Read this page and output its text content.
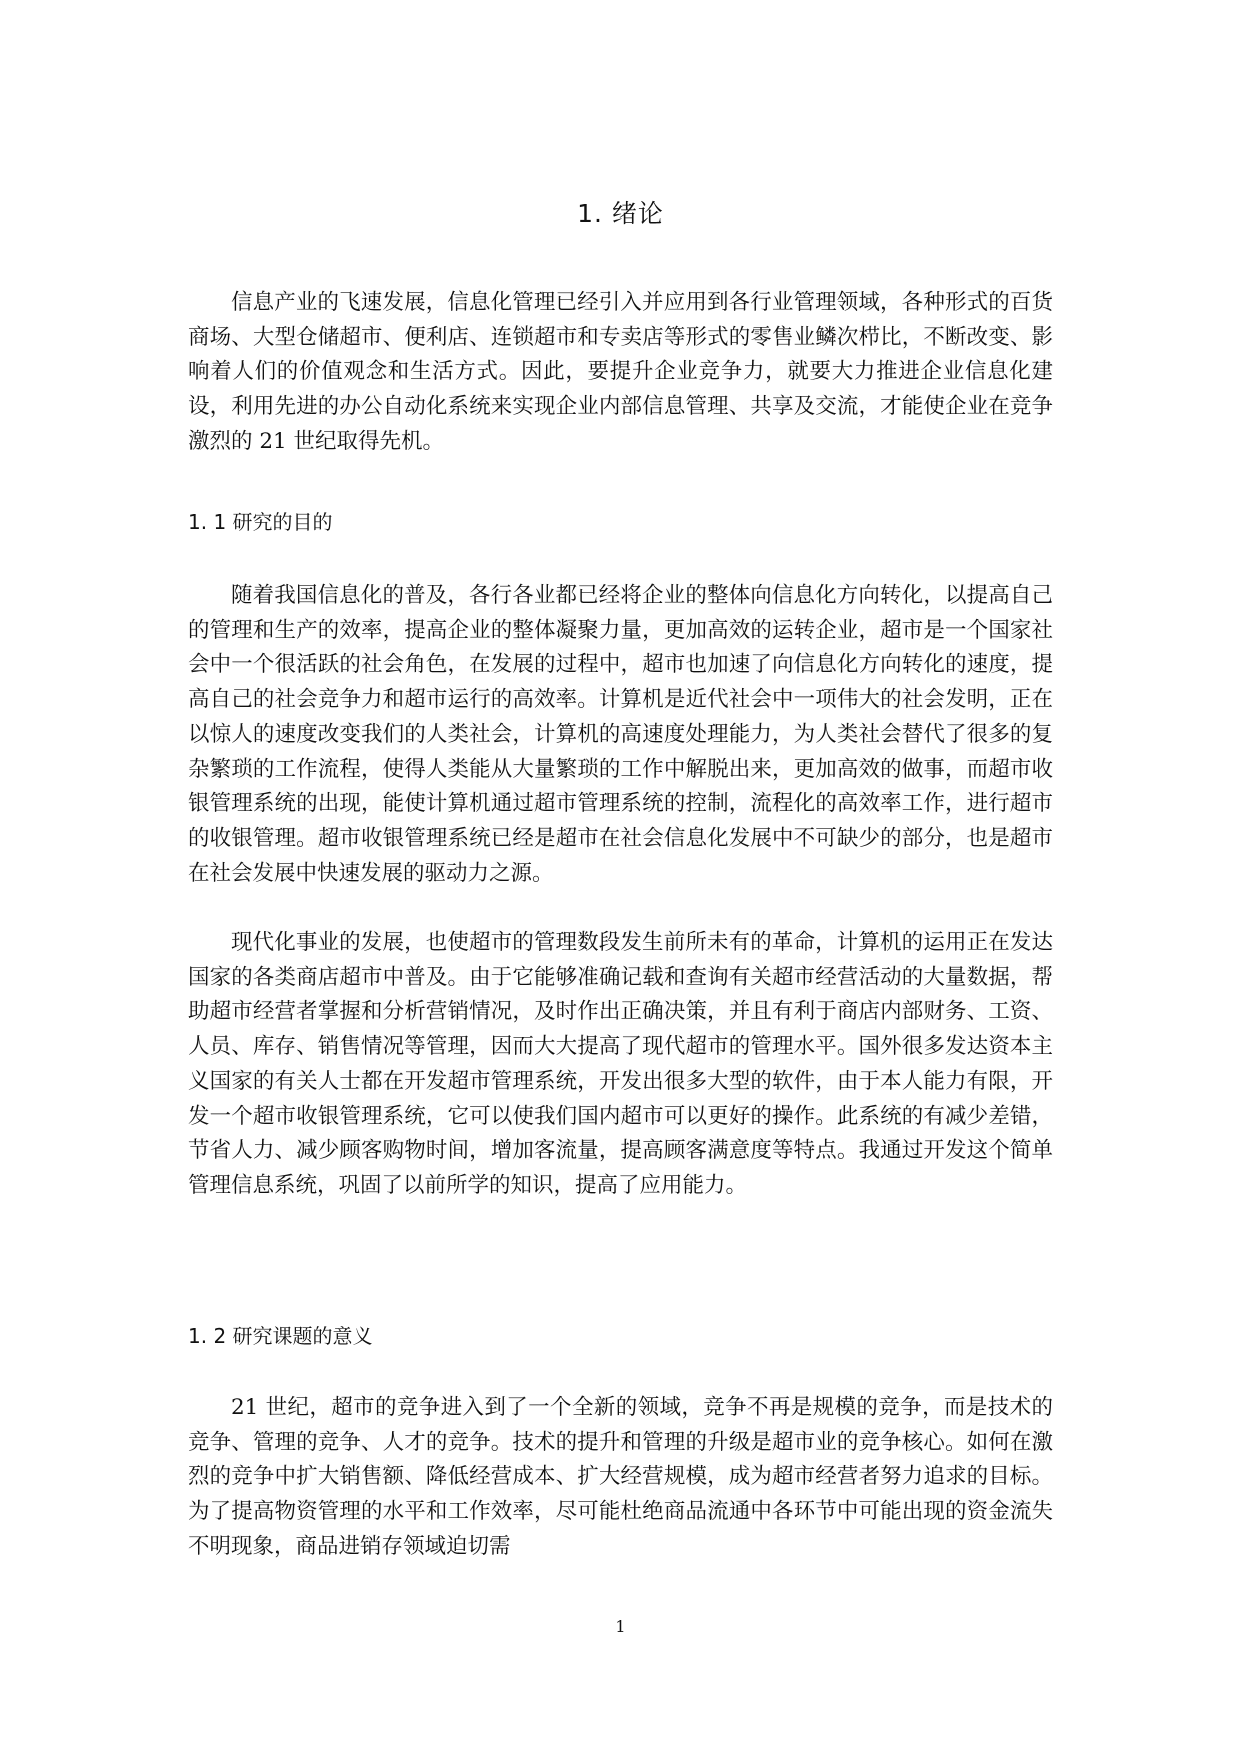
1. 绪论

信息产业的飞速发展，信息化管理已经引入并应用到各行业管理领域，各种形式的百货商场、大型仓储超市、便利店、连锁超市和专卖店等形式的零售业鳞次栉比，不断改变、影响着人们的价值观念和生活方式。因此，要提升企业竞争力，就要大力推进企业信息化建设，利用先进的办公自动化系统来实现企业内部信息管理、共享及交流，才能使企业在竞争激烈的 21 世纪取得先机。

1. 1 研究的目的

随着我国信息化的普及，各行各业都已经将企业的整体向信息化方向转化，以提高自己的管理和生产的效率，提高企业的整体凝聚力量，更加高效的运转企业，超市是一个国家社会中一个很活跃的社会角色，在发展的过程中，超市也加速了向信息化方向转化的速度，提高自己的社会竞争力和超市运行的高效率。计算机是近代社会中一项伟大的社会发明，正在以惊人的速度改变我们的人类社会，计算机的高速度处理能力，为人类社会替代了很多的复杂繁琐的工作流程，使得人类能从大量繁琐的工作中解脱出来，更加高效的做事，而超市收银管理系统的出现，能使计算机通过超市管理系统的控制，流程化的高效率工作，进行超市的收银管理。超市收银管理系统已经是超市在社会信息化发展中不可缺少的部分，也是超市在社会发展中快速发展的驱动力之源。

现代化事业的发展，也使超市的管理数段发生前所未有的革命，计算机的运用正在发达国家的各类商店超市中普及。由于它能够准确记载和查询有关超市经营活动的大量数据，帮助超市经营者掌握和分析营销情况，及时作出正确决策，并且有利于商店内部财务、工资、人员、库存、销售情况等管理，因而大大提高了现代超市的管理水平。国外很多发达资本主义国家的有关人士都在开发超市管理系统，开发出很多大型的软件，由于本人能力有限，开发一个超市收银管理系统，它可以使我们国内超市可以更好的操作。此系统的有减少差错，节省人力、减少顾客购物时间，增加客流量，提高顾客满意度等特点。我通过开发这个简单管理信息系统，巩固了以前所学的知识，提高了应用能力。

1. 2 研究课题的意义

21 世纪，超市的竞争进入到了一个全新的领域，竞争不再是规模的竞争，而是技术的竞争、管理的竞争、人才的竞争。技术的提升和管理的升级是超市业的竞争核心。如何在激烈的竞争中扩大销售额、降低经营成本、扩大经营规模，成为超市经营者努力追求的目标。为了提高物资管理的水平和工作效率，尽可能杜绝商品流通中各环节中可能出现的资金流失不明现象，商品进销存领域迫切需

1
